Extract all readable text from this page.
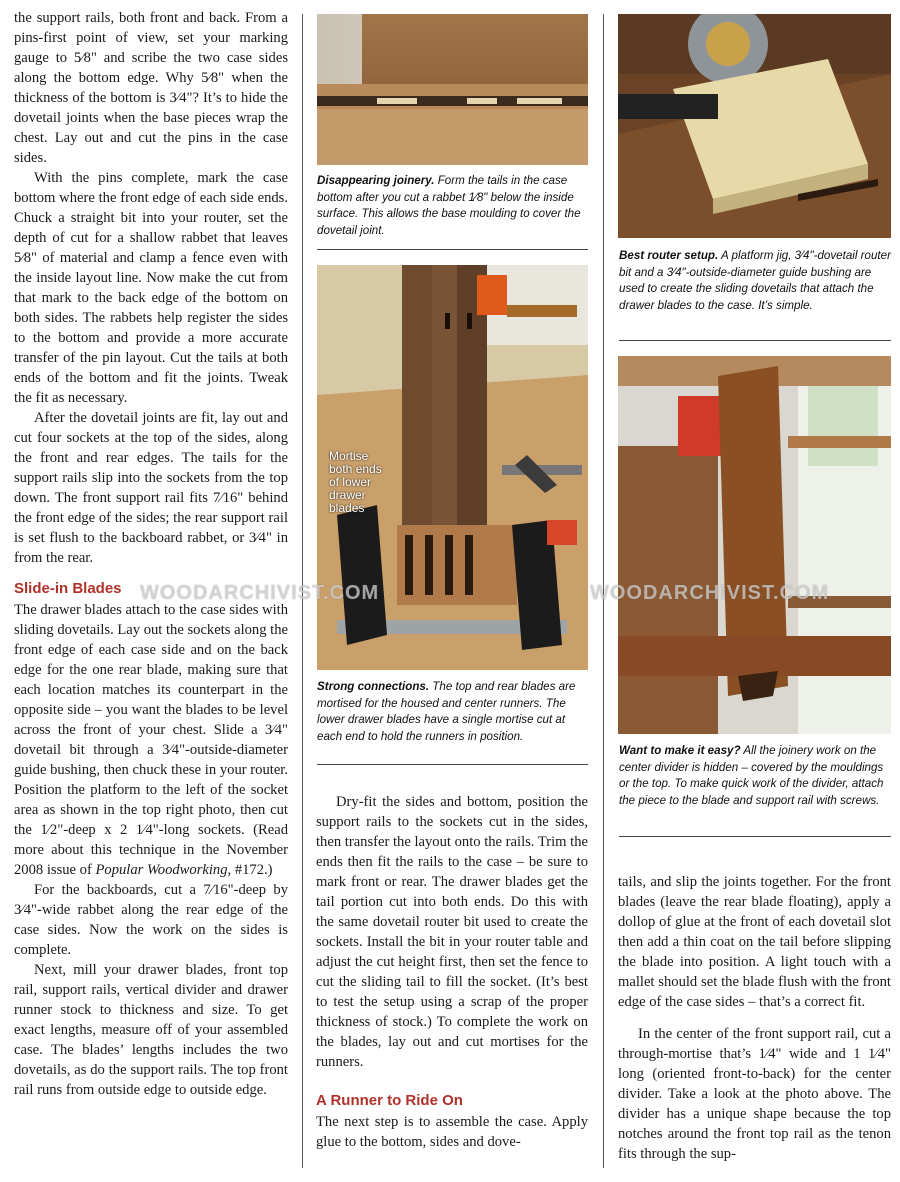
the support rails, both front and back. From a pins-first point of view, set your marking gauge to 5⁄8" and scribe the two case sides along the bottom edge. Why 5⁄8" when the thickness of the bottom is 3⁄4"? It’s to hide the dovetail joints when the base pieces wrap the chest. Lay out and cut the pins in the case sides.

With the pins complete, mark the case bottom where the front edge of each side ends. Chuck a straight bit into your router, set the depth of cut for a shallow rabbet that leaves 5⁄8" of material and clamp a fence even with the inside layout line. Now make the cut from that mark to the back edge of the bottom on both sides. The rabbets help register the sides to the bottom and provide a more accurate transfer of the pin layout. Cut the tails at both ends of the bottom and fit the joints. Tweak the fit as necessary.

After the dovetail joints are fit, lay out and cut four sockets at the top of the sides, along the front and rear edges. The tails for the support rails slip into the sockets from the top down. The front support rail fits 7⁄16" behind the front edge of the sides; the rear support rail is set flush to the backboard rabbet, or 3⁄4" in from the rear.

Slide-in Blades

The drawer blades attach to the case sides with sliding dovetails. Lay out the sockets along the front edge of each case side and on the back edge for the one rear blade, making sure that each location matches its counterpart in the opposite side – you want the blades to be level across the front of your chest. Slide a 3⁄4" dovetail bit through a 3⁄4"-outside-diameter guide bushing, then chuck these in your router. Position the platform to the left of the socket area as shown in the top right photo, then cut the 1⁄2"-deep x 2 1⁄4"-long sockets. (Read more about this technique in the November 2008 issue of Popular Woodworking, #172.)

For the backboards, cut a 7⁄16"-deep by 3⁄4"-wide rabbet along the rear edge of the case sides. Now the work on the sides is complete.

Next, mill your drawer blades, front top rail, support rails, vertical divider and drawer runner stock to thickness and size. To get exact lengths, measure off of your assembled case. The blades’ lengths includes the two dovetails, as do the support rails. The top front rail runs from outside edge to outside edge.

Disappearing joinery. Form the tails in the case bottom after you cut a rabbet 1⁄8" below the inside surface. This allows the base moulding to cover the dovetail joint.
Mortise both ends of lower drawer blades
Strong connections. The top and rear blades are mortised for the housed and center runners. The lower drawer blades have a single mortise cut at each end to hold the runners in position.

Dry-fit the sides and bottom, position the support rails to the sockets cut in the sides, then transfer the layout onto the rails. Trim the ends then fit the rails to the case – be sure to mark front or rear. The drawer blades get the tail portion cut into both ends. Do this with the same dovetail router bit used to create the sockets. Install the bit in your router table and adjust the cut height first, then set the fence to cut the sliding tail to fill the socket. (It’s best to test the setup using a scrap of the proper thickness of stock.) To complete the work on the blades, lay out and cut mortises for the runners.

A Runner to Ride On

The next step is to assemble the case. Apply glue to the bottom, sides and dove-

Best router setup. A platform jig, 3⁄4"-dovetail router bit and a 3⁄4"-outside-diameter guide bushing are used to create the sliding dovetails that attach the drawer blades to the case. It’s simple.
Want to make it easy? All the joinery work on the center divider is hidden – covered by the mouldings or the top. To make quick work of the divider, attach the piece to the blade and support rail with screws.

tails, and slip the joints together. For the front blades (leave the rear blade floating), apply a dollop of glue at the front of each dovetail slot then add a thin coat on the tail before slipping the blade into position. A light touch with a mallet should set the blade flush with the front edge of the case sides – that’s a correct fit.

In the center of the front support rail, cut a through-mortise that’s 1⁄4" wide and 1 1⁄4" long (oriented front-to-back) for the center divider. Take a look at the photo above. The divider has a unique shape because the top notches around the front top rail as the tenon fits through the sup-

WOODARCHIVIST.COM	WOODARCHIVIST.COM
